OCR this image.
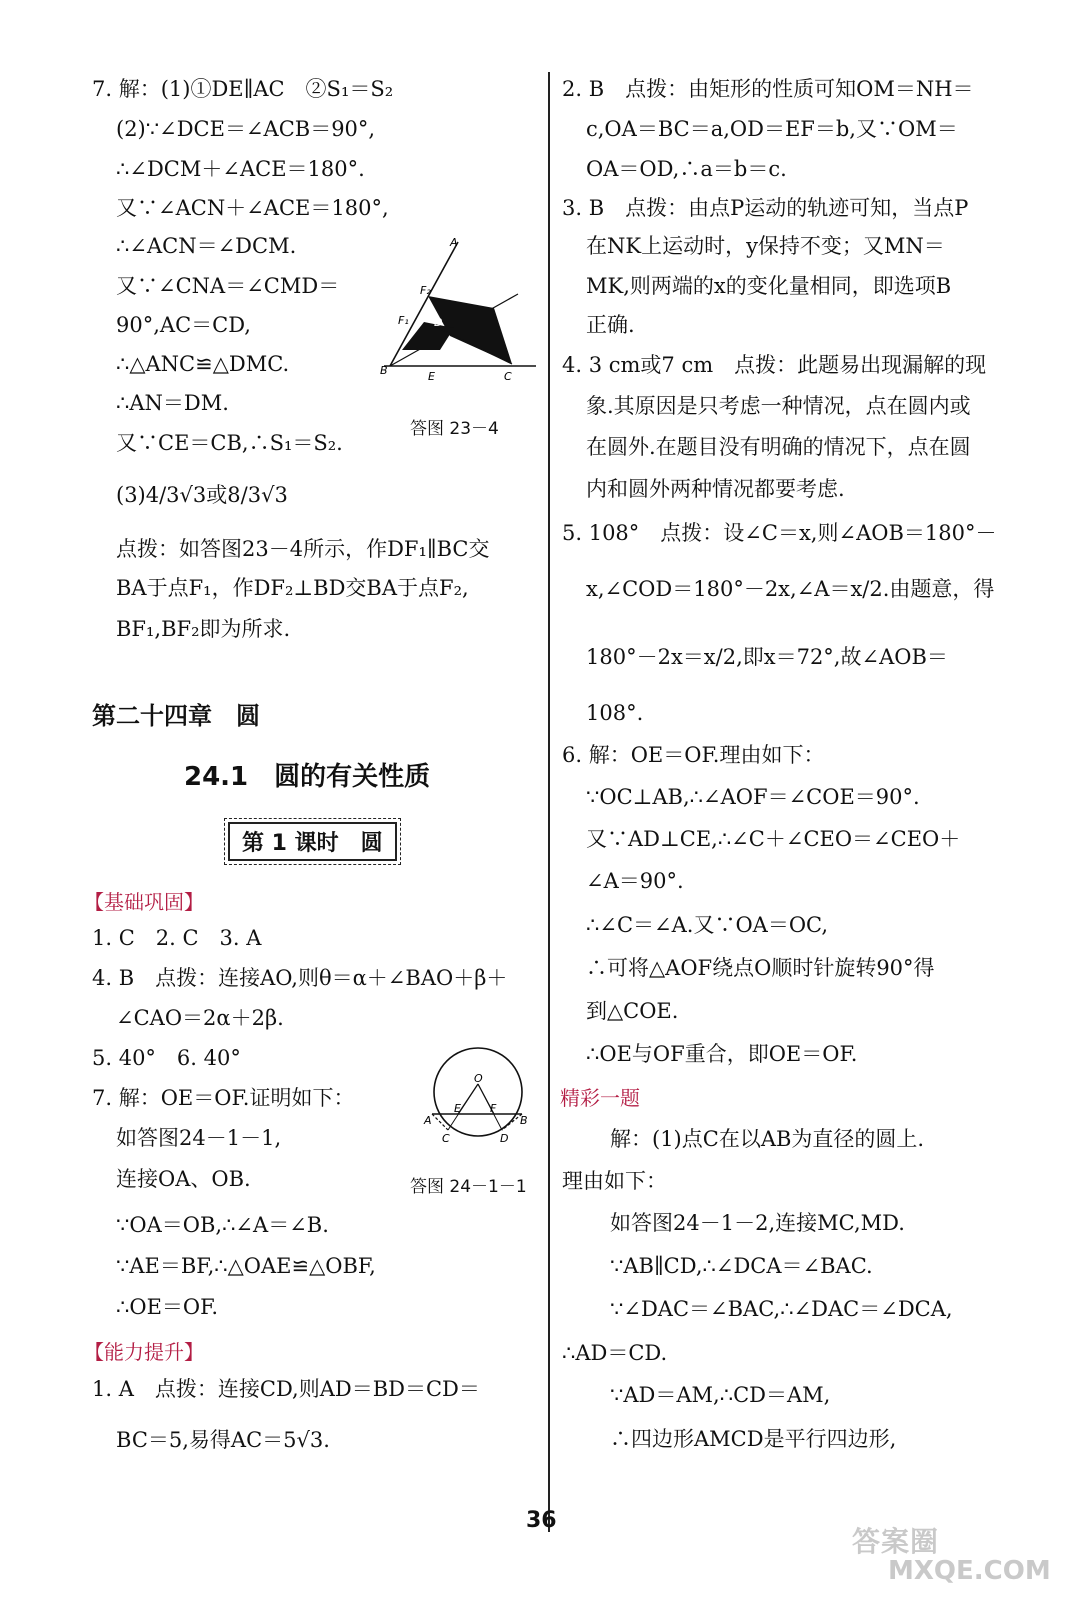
7. 解：(1)①DE∥AC　②S₁＝S₂
(2)∵∠DCE＝∠ACB＝90°,
∴∠DCM＋∠ACE＝180°.
又∵∠ACN＋∠ACE＝180°,
∴∠ACN＝∠DCM.
又∵∠CNA＝∠CMD＝
90°,AC＝CD,
∴△ANC≌△DMC.
∴AN＝DM.
又∵CE＝CB,∴S₁＝S₂.
(3)4/3√3或8/3√3
点拨：如答图23－4所示，作DF₁∥BC交
BA于点F₁，作DF₂⊥BD交BA于点F₂,
BF₁,BF₂即为所求.
A
F₂
F₁ D
B	E	C
答图 23－4
第二十四章　圆
24.1　圆的有关性质
第 1 课时　圆
【基础巩固】
1. C　2. C　3. A
4. B　点拨：连接AO,则θ＝α＋∠BAO＋β＋
∠CAO＝2α＋2β.
5. 40°　6. 40°
7. 解：OE＝OF.证明如下：
如答图24－1－1,
连接OA、OB.
∵OA＝OB,∴∠A＝∠B.
∵AE＝BF,∴△OAE≌△OBF,
∴OE＝OF.
O
A
E	F
B
C	D
答图 24－1－1
【能力提升】
1. A　点拨：连接CD,则AD＝BD＝CD＝
BC＝5,易得AC＝5√3.
2. B　点拨：由矩形的性质可知OM＝NH＝
c,OA＝BC＝a,OD＝EF＝b,又∵OM＝
OA＝OD,∴a＝b＝c.
3. B　点拨：由点P运动的轨迹可知，当点P
在NK上运动时，y保持不变；又MN＝
MK,则两端的x的变化量相同，即选项B
正确.
4. 3 cm或7 cm　点拨：此题易出现漏解的现
象.其原因是只考虑一种情况，点在圆内或
在圆外.在题目没有明确的情况下，点在圆
内和圆外两种情况都要考虑.
5. 108°　点拨：设∠C＝x,则∠AOB＝180°－
x,∠COD＝180°－2x,∠A＝x/2.由题意，得
180°－2x＝x/2,即x＝72°,故∠AOB＝
108°.
6. 解：OE＝OF.理由如下：
∵OC⊥AB,∴∠AOF＝∠COE＝90°.
又∵AD⊥CE,∴∠C＋∠CEO＝∠CEO＋
∠A＝90°.
∴∠C＝∠A.又∵OA＝OC,
∴可将△AOF绕点O顺时针旋转90°得
到△COE.
∴OE与OF重合，即OE＝OF.
精彩一题
解：(1)点C在以AB为直径的圆上.
理由如下：
如答图24－1－2,连接MC,MD.
∵AB∥CD,∴∠DCA＝∠BAC.
∵∠DAC＝∠BAC,∴∠DAC＝∠DCA,
∴AD＝CD.
∵AD＝AM,∴CD＝AM,
∴四边形AMCD是平行四边形,
36
答案圈
MXQE.COM
